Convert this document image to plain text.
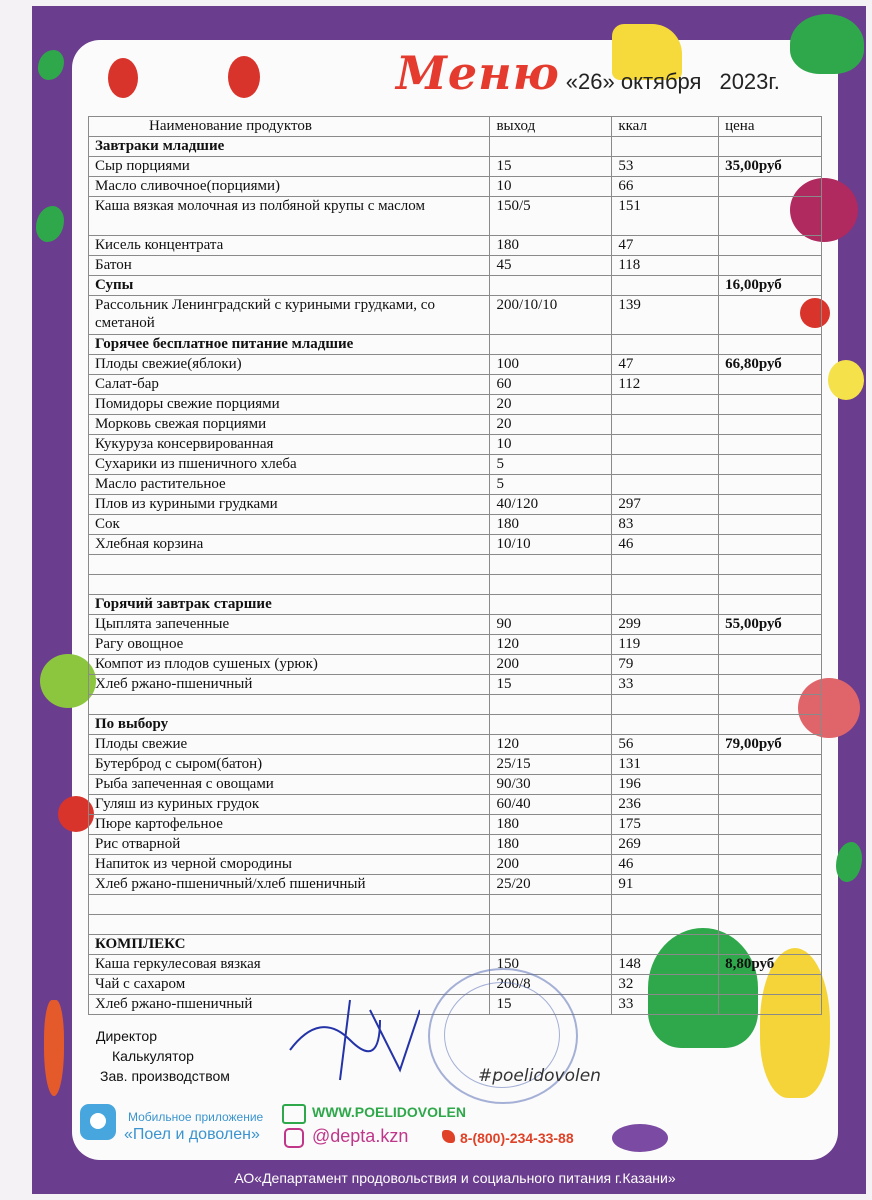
Меню «26» октября 2023г.
Наименование продуктов	выход	ккал	цена
Завтраки младшие			
Сыр порциями	15	53	35,00руб
Масло сливочное(порциями)	10	66	
Каша вязкая молочная из полбяной крупы с маслом	150/5	151	
Кисель концентрата	180	47	
Батон	45	118	
Супы			16,00руб
Рассольник Ленинградский с куриными грудками, со сметаной	200/10/10	139	
Горячее бесплатное питание младшие			
Плоды свежие(яблоки)	100	47	66,80руб
Салат-бар	60	112	
Помидоры свежие порциями	20		
Морковь свежая порциями	20		
Кукуруза консервированная	10		
Сухарики из пшеничного хлеба	5		
Масло растительное	5		
Плов из куриными грудками	40/120	297	
Сок	180	83	
Хлебная корзина	10/10	46	

Горячий завтрак старшие			
Цыплята запеченные	90	299	55,00руб
Рагу овощное	120	119	
Компот из плодов сушеных (урюк)	200	79	
Хлеб ржано-пшеничный	15	33	

По выбору			
Плоды свежие	120	56	79,00руб
Бутерброд с сыром(батон)	25/15	131	
Рыба запеченная с овощами	90/30	196	
Гуляш из куриных грудок	60/40	236	
Пюре картофельное	180	175	
Рис отварной	180	269	
Напиток из черной смородины	200	46	
Хлеб ржано-пшеничный/хлеб пшеничный	25/20	91	

КОМПЛЕКС			
Каша геркулесовая вязкая	150	148	8,80руб
Чай с сахаром	200/8	32	
Хлеб ржано-пшеничный	15	33	
Директор
Калькулятор
Зав. производством	#poelidovolen
Мобильное приложение
«Поел и доволен»
WWW.POELIDOVOLEN
@depta.kzn	8-(800)-234-33-88
АО«Департамент продовольствия и социального питания г.Казани»
